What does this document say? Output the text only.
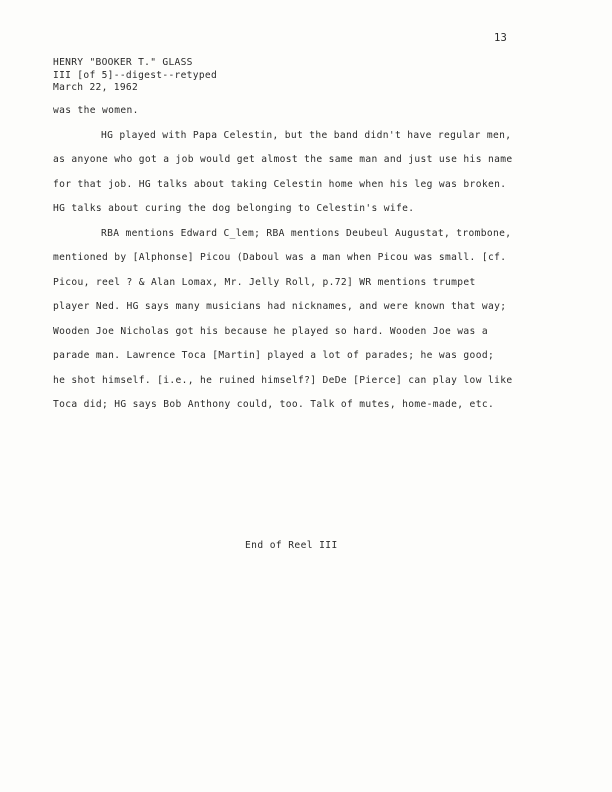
13
HENRY "BOOKER T." GLASS
III [of 5]--digest--retyped
March 22, 1962
was the women.
HG played with Papa Celestin, but the band didn't have regular men,
as anyone who got a job would get almost the same man and just use his name
for that job. HG talks about taking Celestin home when his leg was broken.
HG talks about curing the dog belonging to Celestin's wife.
RBA mentions Edward C_lem; RBA mentions Deubeul Augustat, trombone,
mentioned by [Alphonse] Picou (Daboul was a man when Picou was small. [cf.
Picou, reel ? & Alan Lomax, Mr. Jelly Roll, p.72] WR mentions trumpet
player Ned. HG says many musicians had nicknames, and were known that way;
Wooden Joe Nicholas got his because he played so hard. Wooden Joe was a
parade man. Lawrence Toca [Martin] played a lot of parades; he was good;
he shot himself. [i.e., he ruined himself?] DeDe [Pierce] can play low like
Toca did; HG says Bob Anthony could, too. Talk of mutes, home-made, etc.
End of Reel III
